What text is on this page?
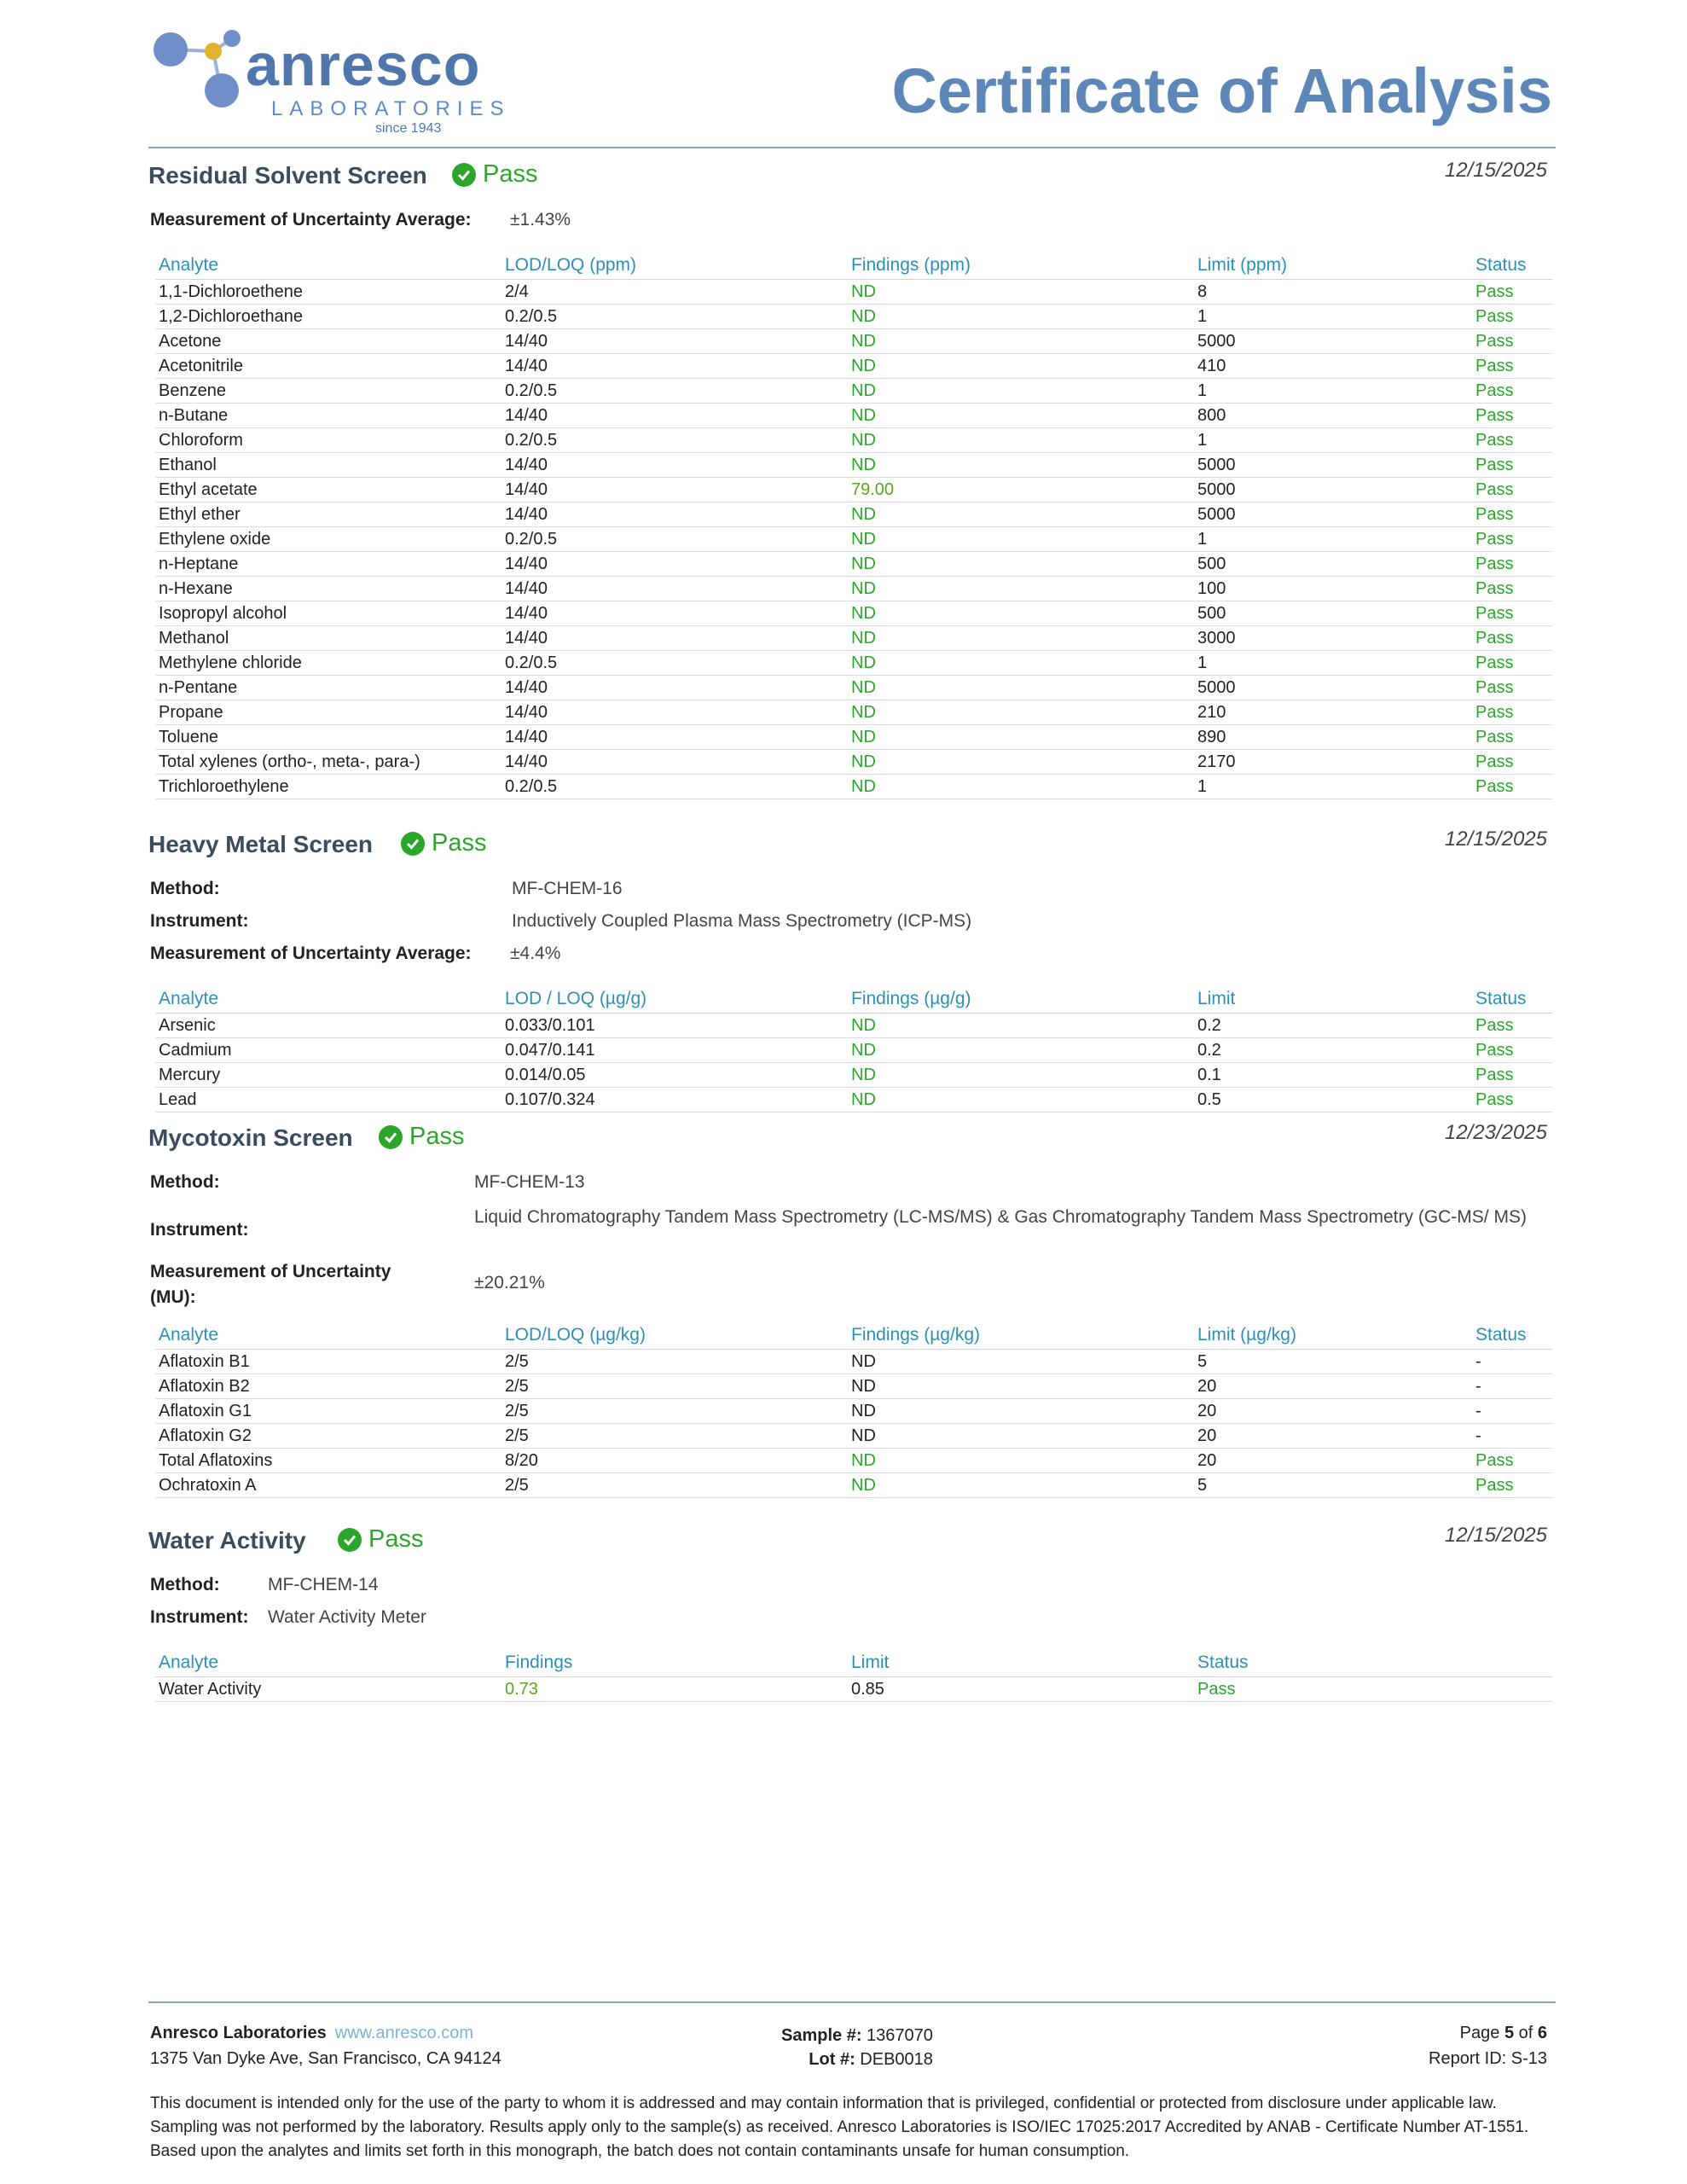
anresco
LABORATORIES
since 1943
Certificate of Analysis
Residual Solvent Screen Pass	12/15/2025
Measurement of Uncertainty Average: ±1.43%
Analyte	LOD/LOQ (ppm)	Findings (ppm)	Limit (ppm)	Status
1,1-Dichloroethene	2/4	ND	8	Pass
1,2-Dichloroethane	0.2/0.5	ND	1	Pass
Acetone	14/40	ND	5000	Pass
Acetonitrile	14/40	ND	410	Pass
Benzene	0.2/0.5	ND	1	Pass
n-Butane	14/40	ND	800	Pass
Chloroform	0.2/0.5	ND	1	Pass
Ethanol	14/40	ND	5000	Pass
Ethyl acetate	14/40	79.00	5000	Pass
Ethyl ether	14/40	ND	5000	Pass
Ethylene oxide	0.2/0.5	ND	1	Pass
n-Heptane	14/40	ND	500	Pass
n-Hexane	14/40	ND	100	Pass
Isopropyl alcohol	14/40	ND	500	Pass
Methanol	14/40	ND	3000	Pass
Methylene chloride	0.2/0.5	ND	1	Pass
n-Pentane	14/40	ND	5000	Pass
Propane	14/40	ND	210	Pass
Toluene	14/40	ND	890	Pass
Total xylenes (ortho-, meta-, para-)	14/40	ND	2170	Pass
Trichloroethylene	0.2/0.5	ND	1	Pass
Heavy Metal Screen Pass	12/15/2025
Method:	MF-CHEM-16
Instrument:	Inductively Coupled Plasma Mass Spectrometry (ICP-MS)
Measurement of Uncertainty Average: ±4.4%
Analyte	LOD / LOQ (µg/g)	Findings (µg/g)	Limit	Status
Arsenic	0.033/0.101	ND	0.2	Pass
Cadmium	0.047/0.141	ND	0.2	Pass
Mercury	0.014/0.05	ND	0.1	Pass
Lead	0.107/0.324	ND	0.5	Pass
Mycotoxin Screen Pass	12/23/2025
Method:	MF-CHEM-13
Instrument:
Liquid Chromatography Tandem Mass Spectrometry (LC-MS/MS) & Gas Chromatography Tandem Mass Spectrometry (GC-MS/ MS)
Measurement of Uncertainty (MU):
±20.21%
Analyte	LOD/LOQ (µg/kg)	Findings (µg/kg)	Limit (µg/kg)	Status
Aflatoxin B1	2/5	ND	5	-
Aflatoxin B2	2/5	ND	20	-
Aflatoxin G1	2/5	ND	20	-
Aflatoxin G2	2/5	ND	20	-
Total Aflatoxins	8/20	ND	20	Pass
Ochratoxin A	2/5	ND	5	Pass
Water Activity	Pass	12/15/2025
Method:	MF-CHEM-14
Instrument: Water Activity Meter
Analyte	Findings	Limit	Status
Water Activity	0.73	0.85	Pass
Anresco Laboratories www.anresco.com
1375 Van Dyke Ave, San Francisco, CA 94124
Sample #: 1367070
Lot #: DEB0018
Page 5 of 6
Report ID: S-13
This document is intended only for the use of the party to whom it is addressed and may contain information that is privileged, confidential or protected from disclosure under applicable law. Sampling was not performed by the laboratory. Results apply only to the sample(s) as received. Anresco Laboratories is ISO/IEC 17025:2017 Accredited by ANAB - Certificate Number AT-1551. Based upon the analytes and limits set forth in this monograph, the batch does not contain contaminants unsafe for human consumption.
